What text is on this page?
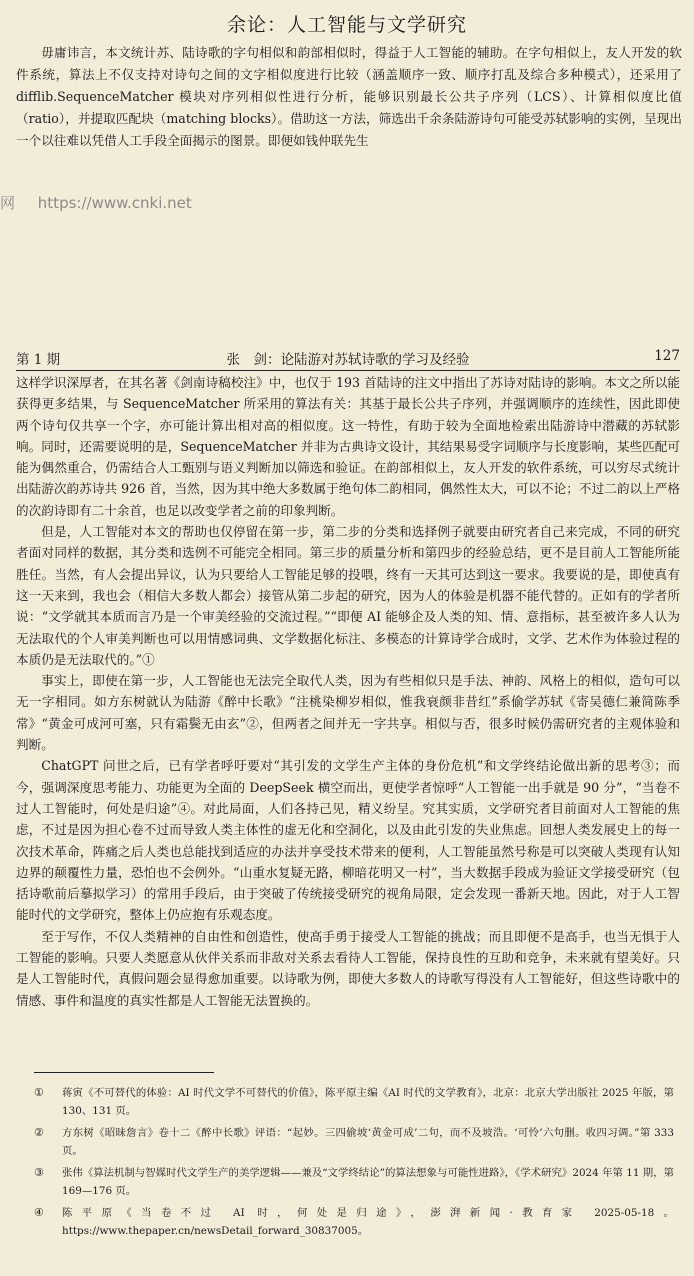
余论：人工智能与文学研究

毋庸讳言，本文统计苏、陆诗歌的字句相似和韵部相似时，得益于人工智能的辅助。在字句相似上，友人开发的软件系统，算法上不仅支持对诗句之间的文字相似度进行比较（涵盖顺序一致、顺序打乱及综合多种模式），还采用了 difflib.SequenceMatcher 模块对序列相似性进行分析，能够识别最长公共子序列（LCS）、计算相似度比值（ratio），并提取匹配块（matching blocks）。借助这一方法，筛选出千余条陆游诗句可能受苏轼影响的实例，呈现出一个以往难以凭借人工手段全面揭示的图景。即便如钱仲联先生

网 https://www.cnki.net
第 1 期	张　剑：论陆游对苏轼诗歌的学习及经验	127

这样学识深厚者，在其名著《剑南诗稿校注》中，也仅于 193 首陆诗的注文中指出了苏诗对陆诗的影响。本文之所以能获得更多结果，与 SequenceMatcher 所采用的算法有关：其基于最长公共子序列，并强调顺序的连续性，因此即使两个诗句仅共享一个字，亦可能计算出相对高的相似度。这一特性，有助于较为全面地检索出陆游诗中潜藏的苏轼影响。同时，还需要说明的是，SequenceMatcher 并非为古典诗文设计，其结果易受字词顺序与长度影响，某些匹配可能为偶然重合，仍需结合人工甄别与语义判断加以筛选和验证。在韵部相似上，友人开发的软件系统，可以穷尽式统计出陆游次韵苏诗共 926 首，当然，因为其中绝大多数属于绝句体二韵相同，偶然性太大，可以不论；不过二韵以上严格的次韵诗即有二十余首，也足以改变学者之前的印象判断。

但是，人工智能对本文的帮助也仅停留在第一步，第二步的分类和选择例子就要由研究者自己来完成，不同的研究者面对同样的数据，其分类和选例不可能完全相同。第三步的质量分析和第四步的经验总结，更不是目前人工智能所能胜任。当然，有人会提出异议，认为只要给人工智能足够的投喂，终有一天其可达到这一要求。我要说的是，即使真有这一天来到，我也会（相信大多数人都会）接管从第二步起的研究，因为人的体验是机器不能代替的。正如有的学者所说：“文学就其本质而言乃是一个审美经验的交流过程。”“即便 AI 能够企及人类的知、情、意指标，甚至被许多人认为无法取代的个人审美判断也可以用情感词典、文学数据化标注、多模态的计算诗学合成时，文学、艺术作为体验过程的本质仍是无法取代的。”①

事实上，即使在第一步，人工智能也无法完全取代人类，因为有些相似只是手法、神韵、风格上的相似，造句可以无一字相同。如方东树就认为陆游《醉中长歌》“注桃染柳岁相似，惟我衰颜非昔红”系偷学苏轼《寄吴德仁兼简陈季常》“黄金可成河可塞，只有霜鬓无由玄”②，但两者之间并无一字共享。相似与否，很多时候仍需研究者的主观体验和判断。

ChatGPT 问世之后，已有学者呼吁要对“其引发的文学生产主体的身份危机”和文学终结论做出新的思考③；而今，强调深度思考能力、功能更为全面的 DeepSeek 横空而出，更使学者惊呼“人工智能一出手就是 90 分”，“当卷不过人工智能时，何处是归途”④。对此局面，人们各持己见，精义纷呈。究其实质，文学研究者目前面对人工智能的焦虑，不过是因为担心卷不过而导致人类主体性的虚无化和空洞化，以及由此引发的失业焦虑。回想人类发展史上的每一次技术革命，阵痛之后人类也总能找到适应的办法并享受技术带来的便利，人工智能虽然号称是可以突破人类现有认知边界的颠覆性力量，恐怕也不会例外。“山重水复疑无路，柳暗花明又一村”，当大数据手段成为验证文学接受研究（包括诗歌前后摹拟学习）的常用手段后，由于突破了传统接受研究的视角局限，定会发现一番新天地。因此，对于人工智能时代的文学研究，整体上仍应抱有乐观态度。

至于写作，不仅人类精神的自由性和创造性，使高手勇于接受人工智能的挑战；而且即便不是高手，也当无惧于人工智能的影响。只要人类愿意从伙伴关系而非敌对关系去看待人工智能，保持良性的互助和竞争，未来就有望美好。只是人工智能时代，真假问题会显得愈加重要。以诗歌为例，即使大多数人的诗歌写得没有人工智能好，但这些诗歌中的情感、事件和温度的真实性都是人工智能无法置换的。

① 蒋寅《不可替代的体验：AI 时代文学不可替代的价值》，陈平原主编《AI 时代的文学教育》，北京：北京大学出版社 2025 年版，第 130、131 页。
② 方东树《昭昧詹言》卷十二《醉中长歌》评语：“起妙。三四偷坡‘黄金可成’二句，而不及坡浩。‘可怜’六句删。收四习调。”第 333 页。
③ 张伟《算法机制与智媒时代文学生产的美学逻辑——兼及“文学终结论”的算法想象与可能性进路》，《学术研究》2024 年第 11 期，第 169—176 页。
④ 陈平原《当卷不过 AI 时，何处是归途》，澎湃新闻·教育家 2025-05-18。https://www.thepaper.cn/newsDetail_forward_30837005。
